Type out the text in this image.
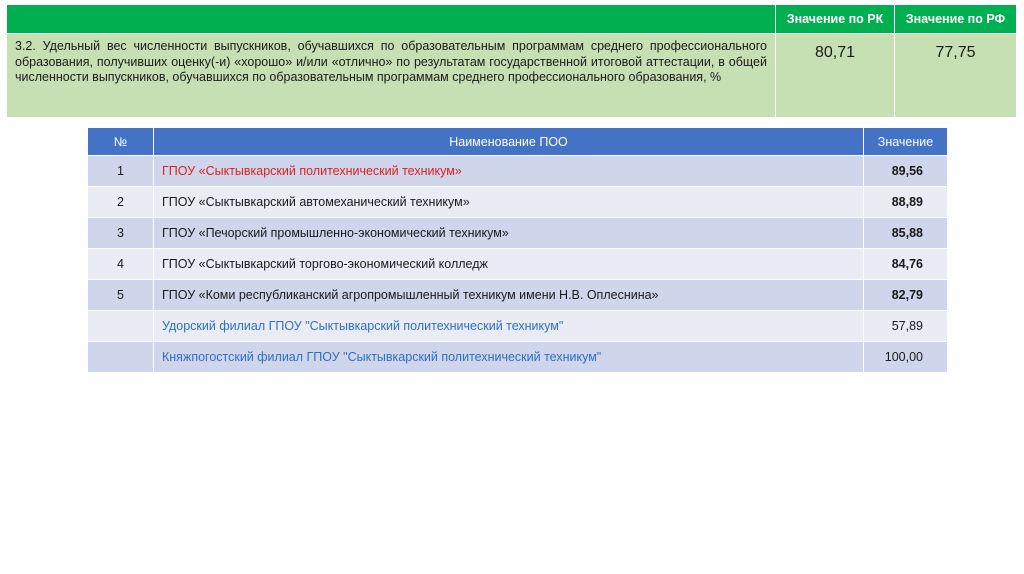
	Значение по РК	Значение по РФ
3.2. Удельный вес численности выпускников, обучавшихся по образовательным программам среднего профессионального образования, получивших оценку(-и) «хорошо» и/или «отлично» по результатам государственной итоговой аттестации, в общей численности выпускников, обучавшихся по образовательным программам среднего профессионального образования, %	80,71	77,75
№	Наименование ПОО	Значение
1	ГПОУ «Сыктывкарский политехнический техникум»	89,56
2	ГПОУ «Сыктывкарский автомеханический техникум»	88,89
3	ГПОУ «Печорский промышленно-экономический техникум»	85,88
4	ГПОУ «Сыктывкарский торгово-экономический колледж	84,76
5	ГПОУ «Коми республиканский агропромышленный техникум имени Н.В. Оплеснина»	82,79
	Удорский филиал ГПОУ "Сыктывкарский политехнический техникум"	57,89
	Княжпогостский филиал ГПОУ "Сыктывкарский политехнический техникум"	100,00
